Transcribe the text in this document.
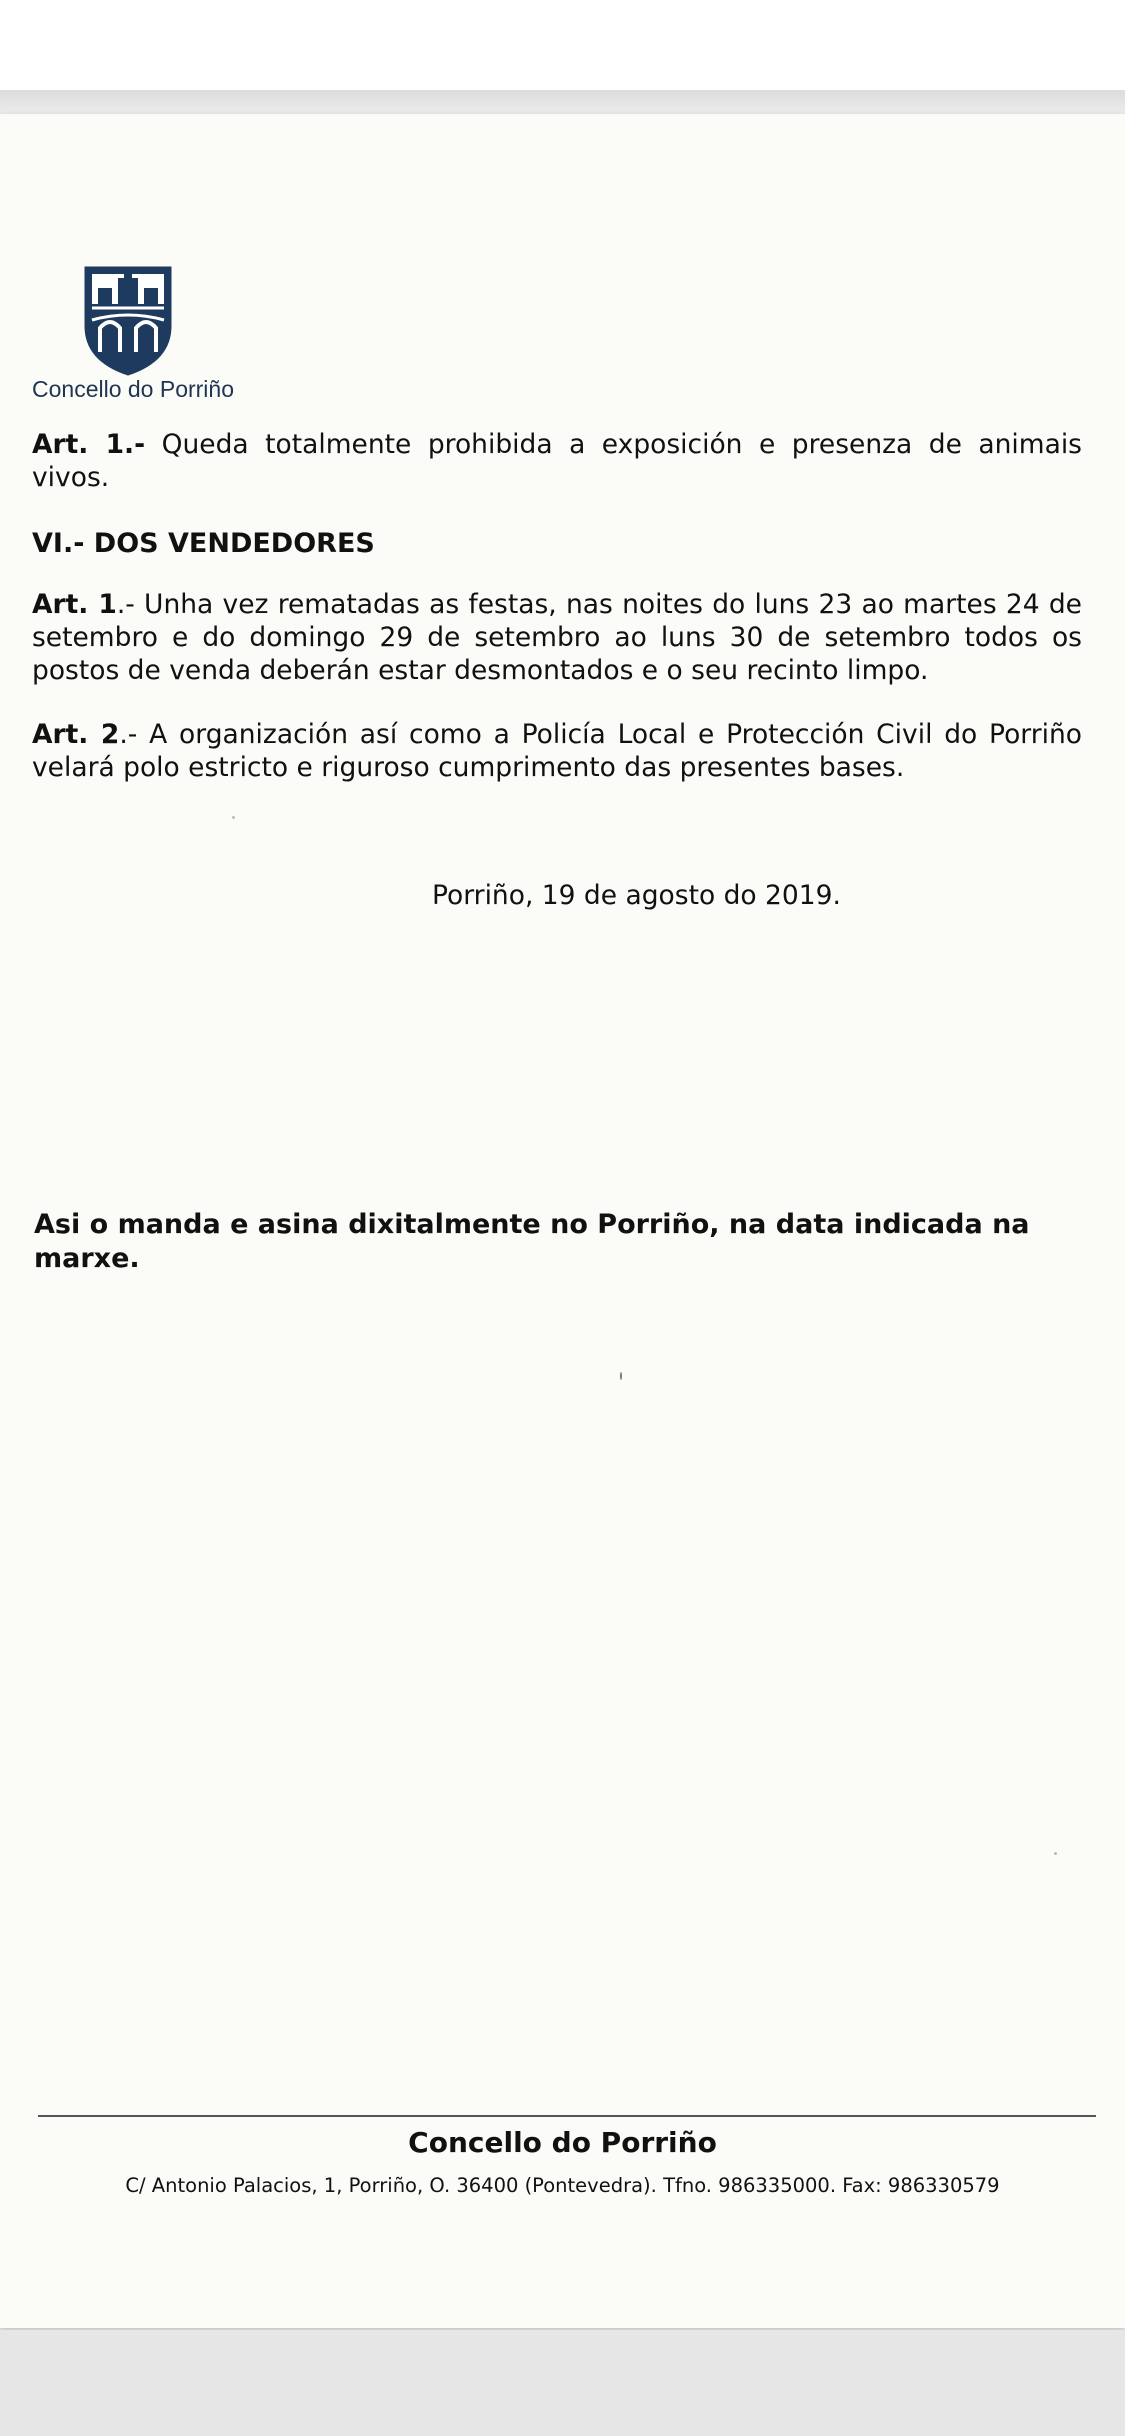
Concello do Porriño
Art. 1.- Queda totalmente prohibida a exposición e presenza de animais vivos.
VI.- DOS VENDEDORES
Art. 1.- Unha vez rematadas as festas, nas noites do luns 23 ao martes 24 de setembro e do domingo 29 de setembro ao luns 30 de setembro todos os postos de venda deberán estar desmontados e o seu recinto limpo.
Art. 2.- A organización así como a Policía Local e Protección Civil do Porriño velará polo estricto e riguroso cumprimento das presentes bases.
Porriño, 19 de agosto do 2019.
Asi o manda e asina dixitalmente no Porriño, na data indicada na marxe.
Concello do Porriño
C/ Antonio Palacios, 1, Porriño, O. 36400 (Pontevedra). Tfno. 986335000. Fax: 986330579
